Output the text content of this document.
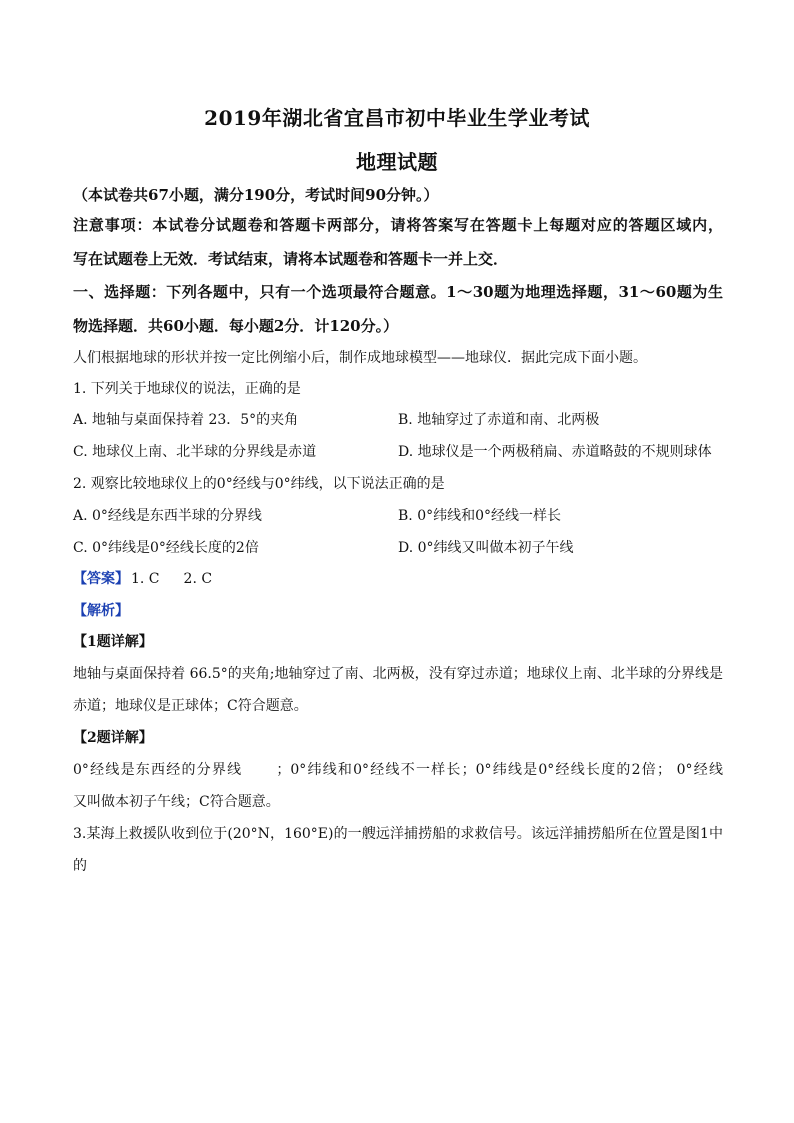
2019年湖北省宜昌市初中毕业生学业考试
地理试题
（本试卷共67小题，满分190分，考试时间90分钟。）
注意事项：本试卷分试题卷和答题卡两部分，请将答案写在答题卡上每题对应的答题区域内，
写在试题卷上无效．考试结束，请将本试题卷和答题卡一并上交．
一、选择题：下列各题中，只有一个选项最符合题意。1～30题为地理选择题，31～60题为生
物选择题．共60小题．每小题2分．计120分。）
人们根据地球的形状并按一定比例缩小后，制作成地球模型——地球仪．据此完成下面小题。
1. 下列关于地球仪的说法，正确的是
A. 地轴与桌面保持着 23．5°的夹角	B. 地轴穿过了赤道和南、北两极
C. 地球仪上南、北半球的分界线是赤道	D. 地球仪是一个两极稍扁、赤道略鼓的不规则球体
2. 观察比较地球仪上的0°经线与0°纬线，以下说法正确的是
A. 0°经线是东西半球的分界线	B. 0°纬线和0°经线一样长
C. 0°纬线是0°经线长度的2倍	D. 0°纬线又叫做本初子午线
【答案】 1. C 2. C
【解析】
【1题详解】
地轴与桌面保持着 66.5°的夹角;地轴穿过了南、北两极，没有穿过赤道；地球仪上南、北半球的分界线是
赤道；地球仪是正球体；C符合题意。
【2题详解】
0°经线是东西经的分界线      ；0°纬线和0°经线不一样长；0°纬线是0°经线长度的2倍； 0°经线
又叫做本初子午线；C符合题意。
3.某海上救援队收到位于(20°N，160°E)的一艘远洋捕捞船的求救信号。该远洋捕捞船所在位置是图1中
的
